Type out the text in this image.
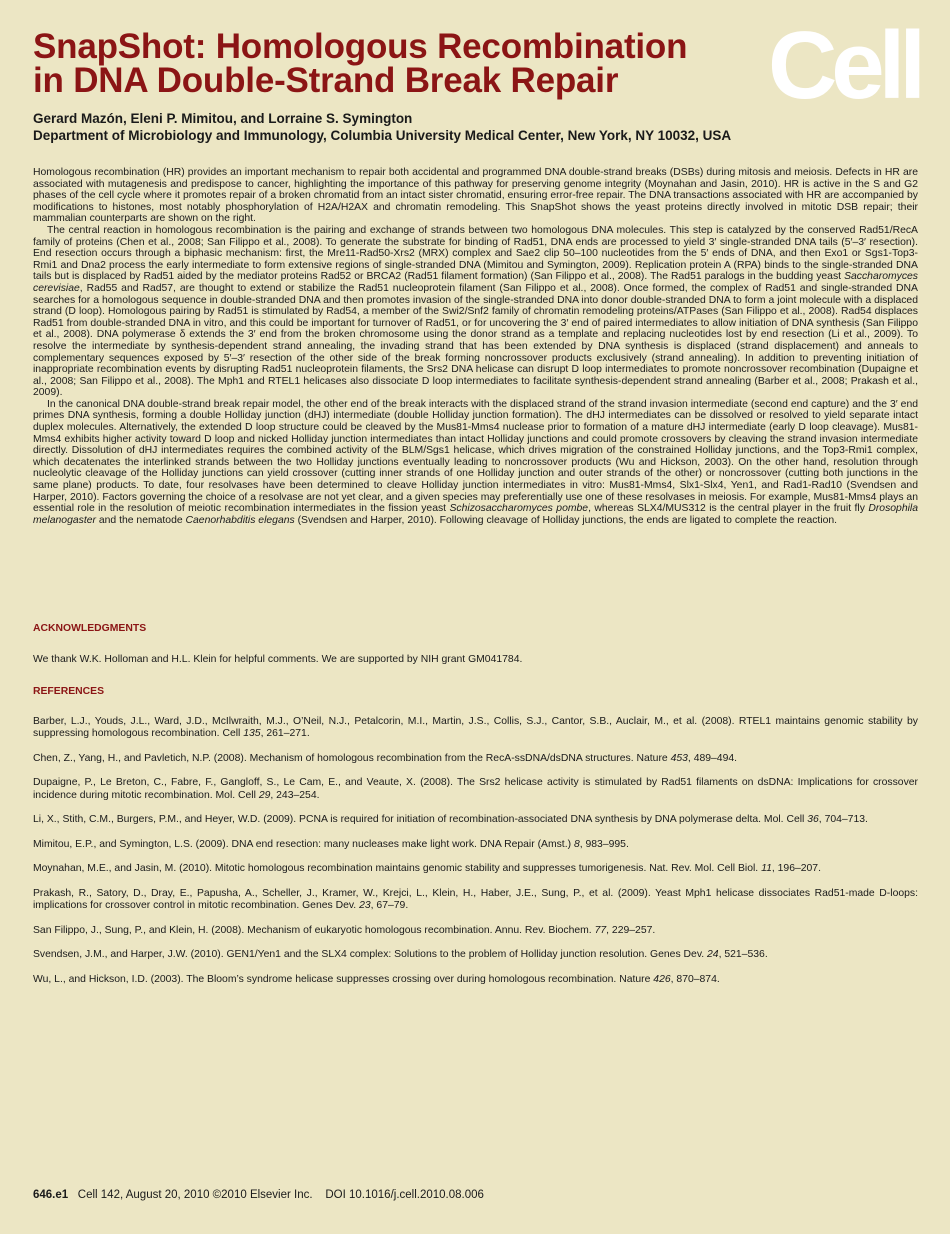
SnapShot: Homologous Recombination
in DNA Double-Strand Break Repair	Cell
Gerard Mazón, Eleni P. Mimitou, and Lorraine S. Symington
Department of Microbiology and Immunology, Columbia University Medical Center, New York, NY 10032, USA

Homologous recombination (HR) provides an important mechanism to repair both accidental and programmed DNA double-strand breaks (DSBs) during mitosis and meiosis. Defects in HR are associated with mutagenesis and predispose to cancer, highlighting the importance of this pathway for preserving genome integrity (Moynahan and Jasin, 2010). HR is active in the S and G2 phases of the cell cycle where it promotes repair of a broken chromatid from an intact sister chromatid, ensuring error-free repair. The DNA transactions associated with HR are accompanied by modifications to histones, most notably phosphorylation of H2A/H2AX and chromatin remodeling. This SnapShot shows the yeast proteins directly involved in mitotic DSB repair; their mammalian counterparts are shown on the right.

The central reaction in homologous recombination is the pairing and exchange of strands between two homologous DNA molecules. This step is catalyzed by the conserved Rad51/RecA family of proteins (Chen et al., 2008; San Filippo et al., 2008). To generate the substrate for binding of Rad51, DNA ends are processed to yield 3′ single-stranded DNA tails (5′–3′ resection). End resection occurs through a biphasic mechanism: first, the Mre11-Rad50-Xrs2 (MRX) complex and Sae2 clip 50–100 nucleotides from the 5′ ends of DNA, and then Exo1 or Sgs1-Top3-Rmi1 and Dna2 process the early intermediate to form extensive regions of single-stranded DNA (Mimitou and Symington, 2009). Replication protein A (RPA) binds to the single-stranded DNA tails but is displaced by Rad51 aided by the mediator proteins Rad52 or BRCA2 (Rad51 filament formation) (San Filippo et al., 2008). The Rad51 paralogs in the budding yeast Saccharomyces cerevisiae, Rad55 and Rad57, are thought to extend or stabilize the Rad51 nucleoprotein filament (San Filippo et al., 2008). Once formed, the complex of Rad51 and single-stranded DNA searches for a homologous sequence in double-stranded DNA and then promotes invasion of the single-stranded DNA into donor double-stranded DNA to form a joint molecule with a displaced strand (D loop). Homologous pairing by Rad51 is stimulated by Rad54, a member of the Swi2/Snf2 family of chromatin remodeling proteins/ATPases (San Filippo et al., 2008). Rad54 displaces Rad51 from double-stranded DNA in vitro, and this could be important for turnover of Rad51, or for uncovering the 3′ end of paired intermediates to allow initiation of DNA synthesis (San Filippo et al., 2008). DNA polymerase δ extends the 3′ end from the broken chromosome using the donor strand as a template and replacing nucleotides lost by end resection (Li et al., 2009). To resolve the intermediate by synthesis-dependent strand annealing, the invading strand that has been extended by DNA synthesis is displaced (strand displacement) and anneals to complementary sequences exposed by 5′–3′ resection of the other side of the break forming noncrossover products exclusively (strand annealing). In addition to preventing initiation of inappropriate recombination events by disrupting Rad51 nucleoprotein filaments, the Srs2 DNA helicase can disrupt D loop intermediates to promote noncrossover recombination (Dupaigne et al., 2008; San Filippo et al., 2008). The Mph1 and RTEL1 helicases also dissociate D loop intermediates to facilitate synthesis-dependent strand annealing (Barber et al., 2008; Prakash et al., 2009).

In the canonical DNA double-strand break repair model, the other end of the break interacts with the displaced strand of the strand invasion intermediate (second end capture) and the 3′ end primes DNA synthesis, forming a double Holliday junction (dHJ) intermediate (double Holliday junction formation). The dHJ intermediates can be dissolved or resolved to yield separate intact duplex molecules. Alternatively, the extended D loop structure could be cleaved by the Mus81-Mms4 nuclease prior to formation of a mature dHJ intermediate (early D loop cleavage). Mus81-Mms4 exhibits higher activity toward D loop and nicked Holliday junction intermediates than intact Holliday junctions and could promote crossovers by cleaving the strand invasion intermediate directly. Dissolution of dHJ intermediates requires the combined activity of the BLM/Sgs1 helicase, which drives migration of the constrained Holliday junctions, and the Top3-Rmi1 complex, which decatenates the interlinked strands between the two Holliday junctions eventually leading to noncrossover products (Wu and Hickson, 2003). On the other hand, resolution through nucleolytic cleavage of the Holliday junctions can yield crossover (cutting inner strands of one Holliday junction and outer strands of the other) or noncrossover (cutting both junctions in the same plane) products. To date, four resolvases have been determined to cleave Holliday junction intermediates in vitro: Mus81-Mms4, Slx1-Slx4, Yen1, and Rad1-Rad10 (Svendsen and Harper, 2010). Factors governing the choice of a resolvase are not yet clear, and a given species may preferentially use one of these resolvases in meiosis. For example, Mus81-Mms4 plays an essential role in the resolution of meiotic recombination intermediates in the fission yeast Schizosaccharomyces pombe, whereas SLX4/MUS312 is the central player in the fruit fly Drosophila melanogaster and the nematode Caenorhabditis elegans (Svendsen and Harper, 2010). Following cleavage of Holliday junctions, the ends are ligated to complete the reaction.

ACKNOWLEDGMENTS
We thank W.K. Holloman and H.L. Klein for helpful comments. We are supported by NIH grant GM041784.
REFERENCES

Barber, L.J., Youds, J.L., Ward, J.D., McIlwraith, M.J., O’Neil, N.J., Petalcorin, M.I., Martin, J.S., Collis, S.J., Cantor, S.B., Auclair, M., et al. (2008). RTEL1 maintains genomic stability by suppressing homologous recombination. Cell 135, 261–271.

Chen, Z., Yang, H., and Pavletich, N.P. (2008). Mechanism of homologous recombination from the RecA-ssDNA/dsDNA structures. Nature 453, 489–494.

Dupaigne, P., Le Breton, C., Fabre, F., Gangloff, S., Le Cam, E., and Veaute, X. (2008). The Srs2 helicase activity is stimulated by Rad51 filaments on dsDNA: Implications for crossover incidence during mitotic recombination. Mol. Cell 29, 243–254.

Li, X., Stith, C.M., Burgers, P.M., and Heyer, W.D. (2009). PCNA is required for initiation of recombination-associated DNA synthesis by DNA polymerase delta. Mol. Cell 36, 704–713.

Mimitou, E.P., and Symington, L.S. (2009). DNA end resection: many nucleases make light work. DNA Repair (Amst.) 8, 983–995.

Moynahan, M.E., and Jasin, M. (2010). Mitotic homologous recombination maintains genomic stability and suppresses tumorigenesis. Nat. Rev. Mol. Cell Biol. 11, 196–207.

Prakash, R., Satory, D., Dray, E., Papusha, A., Scheller, J., Kramer, W., Krejci, L., Klein, H., Haber, J.E., Sung, P., et al. (2009). Yeast Mph1 helicase dissociates Rad51-made D-loops: implications for crossover control in mitotic recombination. Genes Dev. 23, 67–79.

San Filippo, J., Sung, P., and Klein, H. (2008). Mechanism of eukaryotic homologous recombination. Annu. Rev. Biochem. 77, 229–257.

Svendsen, J.M., and Harper, J.W. (2010). GEN1/Yen1 and the SLX4 complex: Solutions to the problem of Holliday junction resolution. Genes Dev. 24, 521–536.

Wu, L., and Hickson, I.D. (2003). The Bloom’s syndrome helicase suppresses crossing over during homologous recombination. Nature 426, 870–874.

646.e1 Cell 142, August 20, 2010 ©2010 Elsevier Inc. DOI 10.1016/j.cell.2010.08.006
